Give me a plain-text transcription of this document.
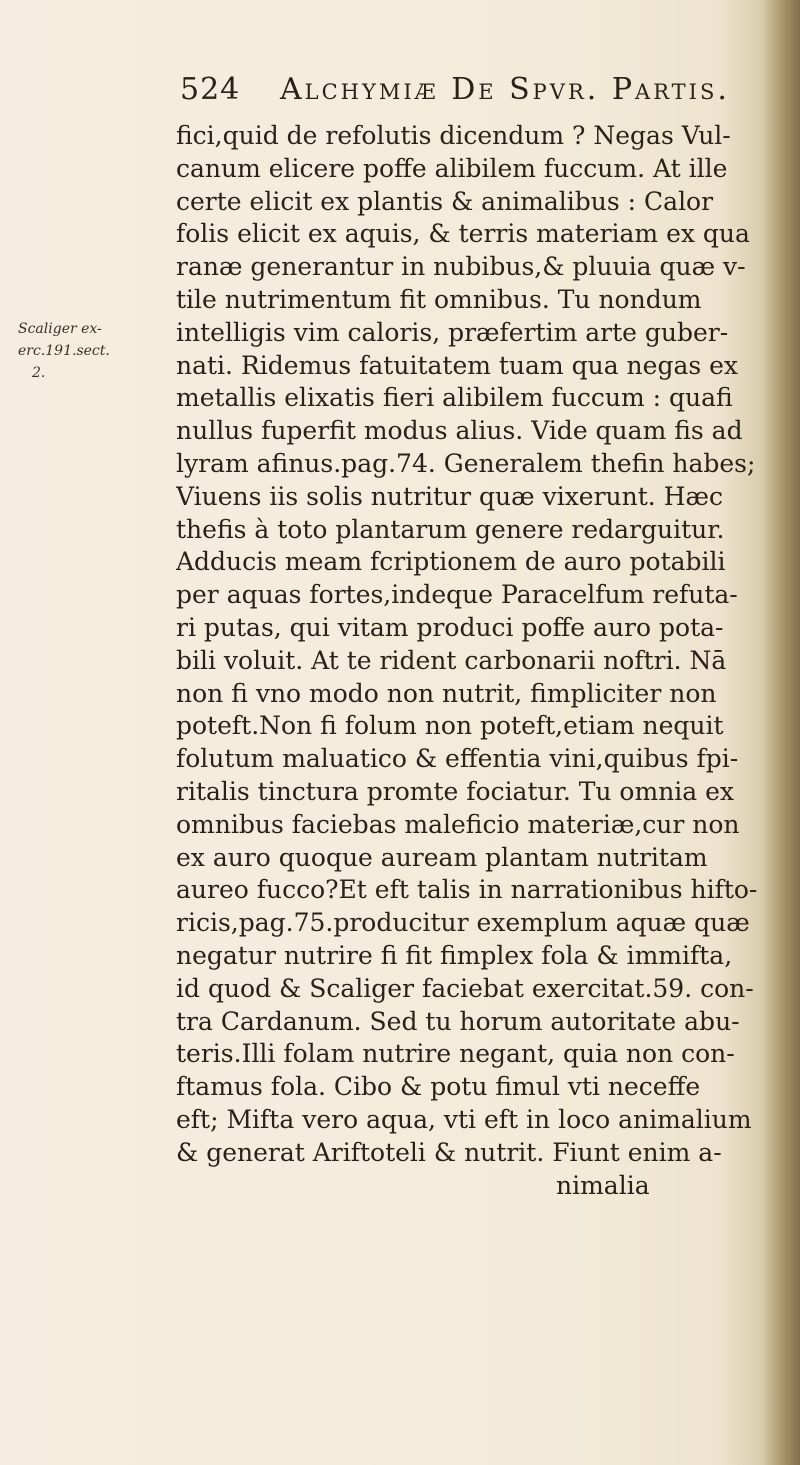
524	Alchymiæ De Spvr. Partis.
Scaliger ex-
erc.191.sect.
2.
fici,quid de refolutis dicendum ? Negas Vul-
canum elicere poffe alibilem fuccum. At ille
certe elicit ex plantis & animalibus : Calor
folis elicit ex aquis, & terris materiam ex qua
ranæ generantur in nubibus,& pluuia quæ v-
tile nutrimentum fit omnibus. Tu nondum
intelligis vim caloris, præfertim arte guber-
nati. Ridemus fatuitatem tuam qua negas ex
metallis elixatis fieri alibilem fuccum : quafi
nullus fuperfit modus alius. Vide quam fis ad
lyram afinus.pag.74. Generalem thefin habes;
Viuens iis solis nutritur quæ vixerunt. Hæc
thefis à toto plantarum genere redarguitur.
Adducis meam fcriptionem de auro potabili
per aquas fortes,indeque Paracelfum refuta-
ri putas, qui vitam produci poffe auro pota-
bili voluit. At te rident carbonarii noftri. Nā
non fi vno modo non nutrit, fimpliciter non
poteft.Non fi folum non poteft,etiam nequit
folutum maluatico & effentia vini,quibus fpi-
ritalis tinctura promte fociatur. Tu omnia ex
omnibus faciebas maleficio materiæ,cur non
ex auro quoque auream plantam nutritam
aureo fucco?Et eft talis in narrationibus hifto-
ricis,pag.75.producitur exemplum aquæ quæ
negatur nutrire fi fit fimplex fola & immifta,
id quod & Scaliger faciebat exercitat.59. con-
tra Cardanum. Sed tu horum autoritate abu-
teris.Illi folam nutrire negant, quia non con-
ftamus fola. Cibo & potu fimul vti neceffe
eft; Mifta vero aqua, vti eft in loco animalium
& generat Ariftoteli & nutrit. Fiunt enim a-
nimalia
